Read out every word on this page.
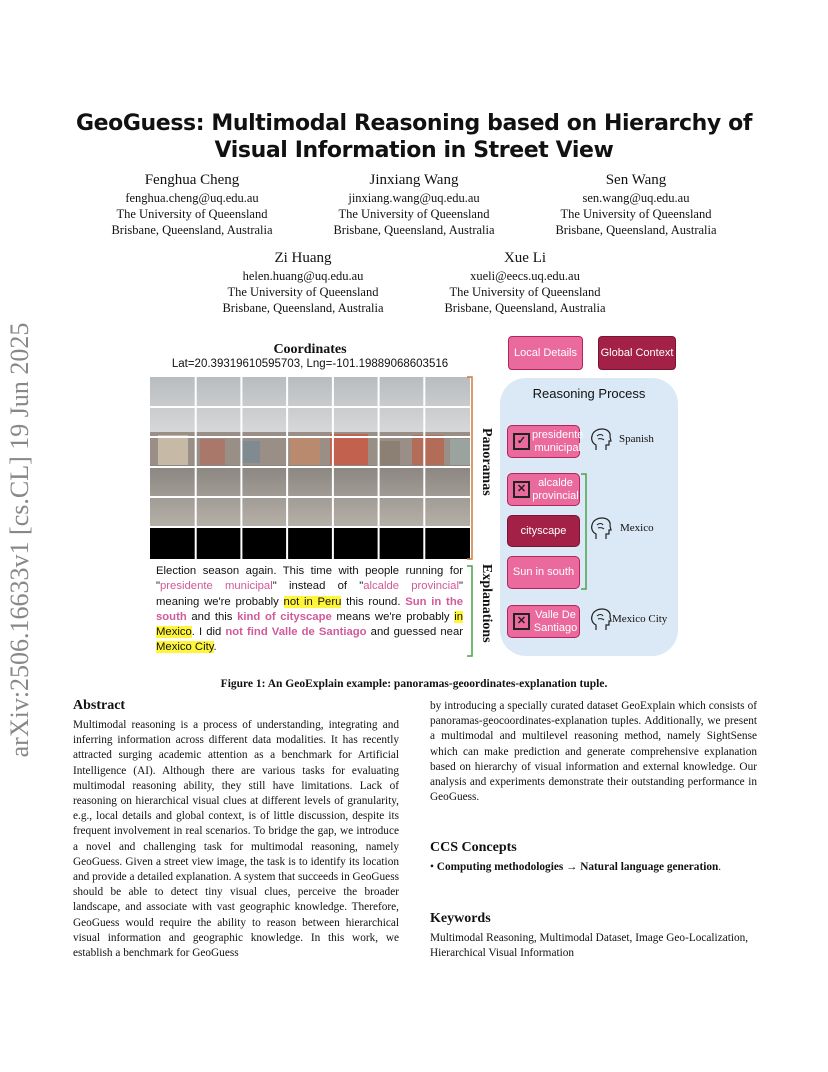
arXiv:2506.16633v1 [cs.CL] 19 Jun 2025
GeoGuess: Multimodal Reasoning based on Hierarchy of Visual Information in Street View
Fenghua Cheng
fenghua.cheng@uq.edu.au
The University of Queensland
Brisbane, Queensland, Australia
Jinxiang Wang
jinxiang.wang@uq.edu.au
The University of Queensland
Brisbane, Queensland, Australia
Sen Wang
sen.wang@uq.edu.au
The University of Queensland
Brisbane, Queensland, Australia
Zi Huang
helen.huang@uq.edu.au
The University of Queensland
Brisbane, Queensland, Australia
Xue Li
xueli@eecs.uq.edu.au
The University of Queensland
Brisbane, Queensland, Australia
Coordinates
Lat=20.39319610595703, Lng=-101.19889068603516
Panoramas
Explanations
Election season again. This time with people running for "presidente municipal" instead of "alcalde provincial" meaning we're probably not in Peru this round. Sun in the south and this kind of cityscape means we're probably in Mexico. I did not find Valle de Santiago and guessed near Mexico City.
Local Details	Global Context
Reasoning Process
✓
presidente municipal
✕
alcalde provincial
cityscape
Sun in south
✕
Valle De Santiago
Spanish
Mexico
Mexico City
Figure 1: An GeoExplain example: panoramas-geoordinates-explanation tuple.
Abstract
Multimodal reasoning is a process of understanding, integrating and inferring information across different data modalities. It has recently attracted surging academic attention as a benchmark for Artificial Intelligence (AI). Although there are various tasks for evaluating multimodal reasoning ability, they still have limitations. Lack of reasoning on hierarchical visual clues at different levels of granularity, e.g., local details and global context, is of little discussion, despite its frequent involvement in real scenarios. To bridge the gap, we introduce a novel and challenging task for multimodal reasoning, namely GeoGuess. Given a street view image, the task is to identify its location and provide a detailed explanation. A system that succeeds in GeoGuess should be able to detect tiny visual clues, perceive the broader landscape, and associate with vast geographic knowledge. Therefore, GeoGuess would require the ability to reason between hierarchical visual information and geographic knowledge. In this work, we establish a benchmark for GeoGuess
by introducing a specially curated dataset GeoExplain which consists of panoramas-geocoordinates-explanation tuples. Additionally, we present a multimodal and multilevel reasoning method, namely SightSense which can make prediction and generate comprehensive explanation based on hierarchy of visual information and external knowledge. Our analysis and experiments demonstrate their outstanding performance in GeoGuess.
CCS Concepts
• Computing methodologies → Natural language generation.
Keywords
Multimodal Reasoning, Multimodal Dataset, Image Geo-Localization, Hierarchical Visual Information
